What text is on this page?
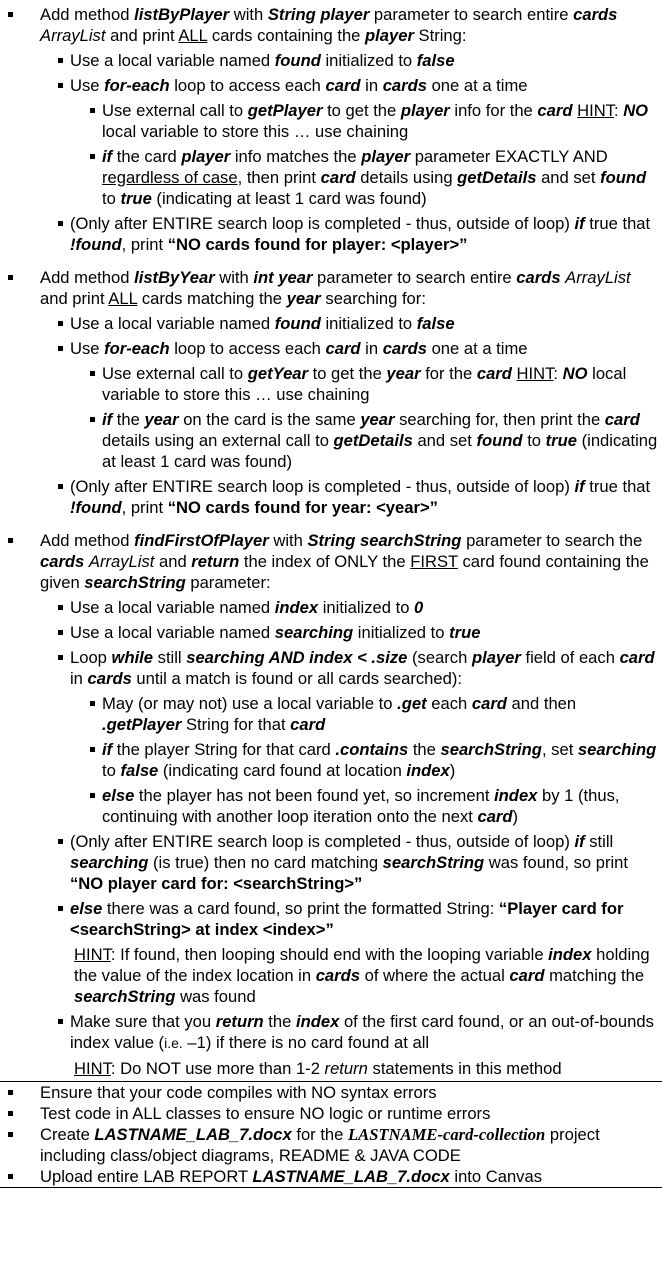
Add method listByPlayer with String player parameter to search entire cards ArrayList and print ALL cards containing the player String:
Use a local variable named found initialized to false
Use for-each loop to access each card in cards one at a time
Use external call to getPlayer to get the player info for the card HINT: NO local variable to store this … use chaining
if the card player info matches the player parameter EXACTLY AND regardless of case, then print card details using getDetails and set found to true (indicating at least 1 card was found)
(Only after ENTIRE search loop is completed - thus, outside of loop) if true that !found, print “NO cards found for player: <player>”
Add method listByYear with int year parameter to search entire cards ArrayList and print ALL cards matching the year searching for:
Use a local variable named found initialized to false
Use for-each loop to access each card in cards one at a time
Use external call to getYear to get the year for the card HINT: NO local variable to store this … use chaining
if the year on the card is the same year searching for, then print the card details using an external call to getDetails and set found to true (indicating at least 1 card was found)
(Only after ENTIRE search loop is completed - thus, outside of loop) if true that !found, print “NO cards found for year: <year>”
Add method findFirstOfPlayer with String searchString parameter to search the cards ArrayList and return the index of ONLY the FIRST card found containing the given searchString parameter:
Use a local variable named index initialized to 0
Use a local variable named searching initialized to true
Loop while still searching AND index < .size (search player field of each card in cards until a match is found or all cards searched):
May (or may not) use a local variable to .get each card and then .getPlayer String for that card
if the player String for that card .contains the searchString, set searching to false (indicating card found at location index)
else the player has not been found yet, so increment index by 1 (thus, continuing with another loop iteration onto the next card)
(Only after ENTIRE search loop is completed - thus, outside of loop) if still searching (is true) then no card matching searchString was found, so print “NO player card for: <searchString>”
else there was a card found, so print the formatted String: “Player card for <searchString> at index <index>”
HINT: If found, then looping should end with the looping variable index holding the value of the index location in cards of where the actual card matching the searchString was found
Make sure that you return the index of the first card found, or an out-of-bounds index value (i.e. –1) if there is no card found at all
HINT: Do NOT use more than 1-2 return statements in this method
Ensure that your code compiles with NO syntax errors
Test code in ALL classes to ensure NO logic or runtime errors
Create LASTNAME_LAB_7.docx for the LASTNAME-card-collection project including class/object diagrams, README & JAVA CODE
Upload entire LAB REPORT LASTNAME_LAB_7.docx into Canvas
